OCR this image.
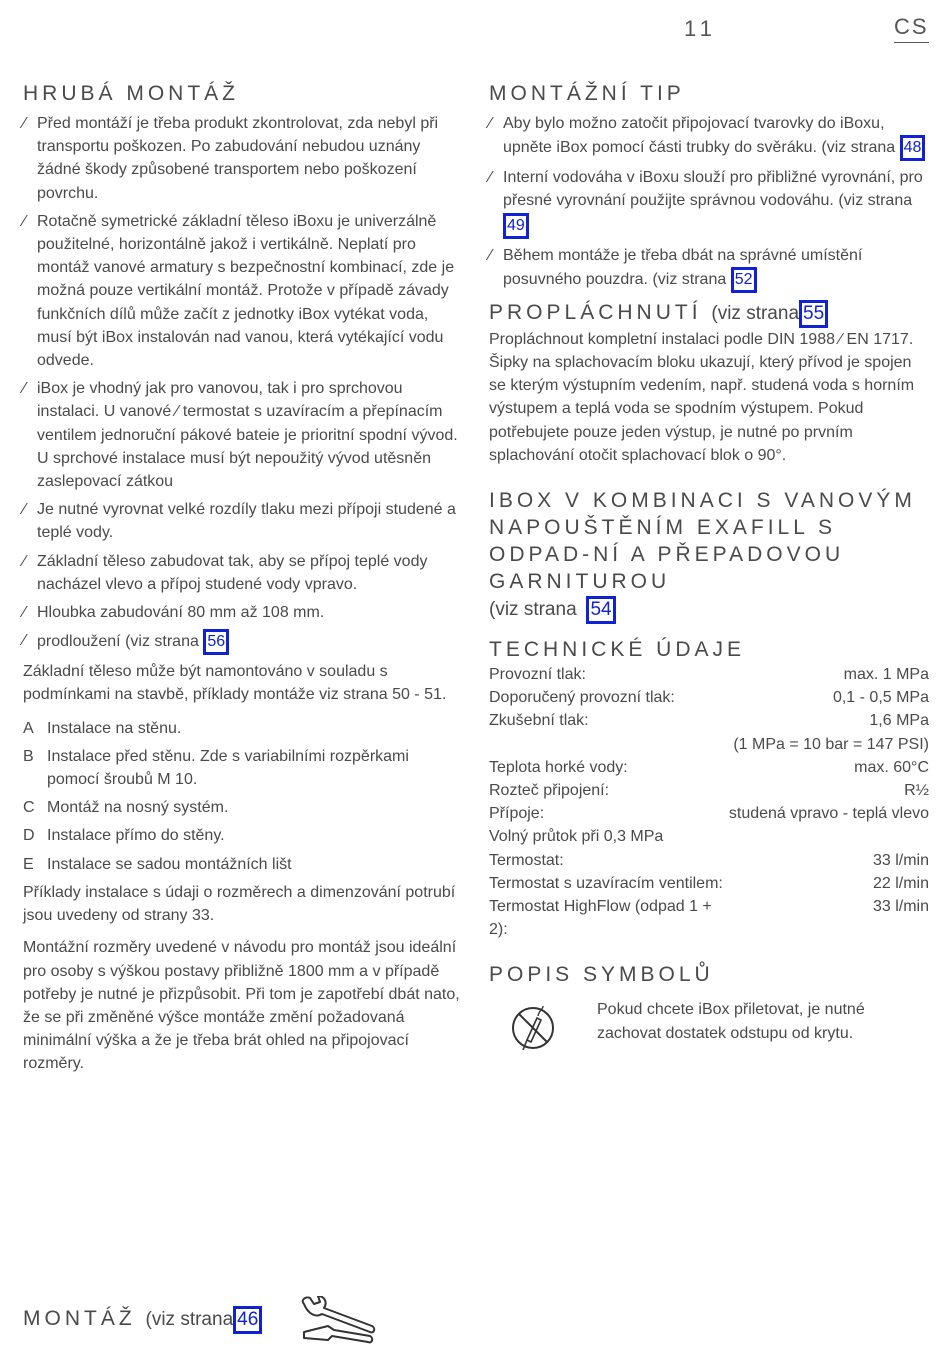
11	CS
HRUBÁ MONTÁŽ
⁄ Před montáží je třeba produkt zkontrolovat, zda nebyl při transportu poškozen. Po zabudování nebudou uznány žádné škody způsobené transportem nebo poškození povrchu.
⁄ Rotačně symetrické základní těleso iBoxu je univerzálně použitelné, horizontálně jakož i vertikálně. Neplatí pro montáž vanové armatury s bezpečnostní kombinací, zde je možná pouze vertikální montáž. Protože v případě závady funkčních dílů může začít z jednotky iBox vytékat voda, musí být iBox instalován nad vanou, která vytékající vodu odvede.
⁄ iBox je vhodný jak pro vanovou, tak i pro sprchovou instalaci. U vanové ⁄ termostat s uzavíracím a přepínacím ventilem jednoruční pákové bateie je prioritní spodní vývod. U sprchové instalace musí být nepoužitý vývod utěsněn zaslepovací zátkou
⁄ Je nutné vyrovnat velké rozdíly tlaku mezi přípoji studené a teplé vody.
⁄ Základní těleso zabudovat tak, aby se přípoj teplé vody nacházel vlevo a přípoj studené vody vpravo.
⁄ Hloubka zabudování 80 mm až 108 mm.
⁄ prodloužení (viz strana 56

Základní těleso může být namontováno v souladu s podmínkami na stavbě, příklady montáže viz strana 50 - 51.

A Instalace na stěnu.
B Instalace před stěnu. Zde s variabilními rozpěrkami pomocí šroubů M 10.
C Montáž na nosný systém.
D Instalace přímo do stěny.
E Instalace se sadou montážních lišt

Příklady instalace s údaji o rozměrech a dimenzování potrubí jsou uvedeny od strany 33.

Montážní rozměry uvedené v návodu pro montáž jsou ideální pro osoby s výškou postavy přibližně 1800 mm a v případě potřeby je nutné je přizpůsobit. Při tom je zapotřebí dbát nato, že se při změněné výšce montáže změní požadovaná minimální výška a že je třeba brát ohled na připojovací rozměry.

MONTÁŽNÍ TIP
⁄ Aby bylo možno zatočit připojovací tvarovky do iBoxu, upněte iBox pomocí části trubky do svěráku. (viz strana 48
⁄ Interní vodováha v iBoxu slouží pro přibližné vyrovnání, pro přesné vyrovnání použijte správnou vodováhu. (viz strana 49
⁄ Během montáže je třeba dbát na správné umístění posuvného pouzdra. (viz strana 52
PROPLÁCHNUTÍ (viz strana 55

Propláchnout kompletní instalaci podle DIN 1988 ⁄ EN 1717. Šipky na splachovacím bloku ukazují, který přívod je spojen se kterým výstupním vedením, např. studená voda s horním výstupem a teplá voda se spodním výstupem. Pokud potřebujete pouze jeden výstup, je nutné po prvním splachování otočit splachovací blok o 90°.

IBOX V KOMBINACI S VANOVÝM NAPOUŠTĚNÍM EXAFILL S ODPAD-NÍ A PŘEPADOVOU GARNITUROU
(viz strana 54
TECHNICKÉ ÚDAJE
Provozní tlak:	max. 1 MPa
Doporučený provozní tlak:	0,1 - 0,5 MPa
Zkušební tlak:	1,6 MPa
	(1 MPa = 10 bar = 147 PSI)
Teplota horké vody:	max. 60°C
Rozteč připojení:	R½
Přípoje:	studená vpravo - teplá vlevo
Volný průtok při 0,3 MPa	
Termostat:	33 l/min
Termostat s uzavíracím ventilem:	22 l/min
Termostat HighFlow (odpad 1 + 2):	33 l/min
POPIS SYMBOLŮ

Pokud chcete iBox přiletovat, je nutné zachovat dostatek odstupu od krytu.

MONTÁŽ (viz strana 46
